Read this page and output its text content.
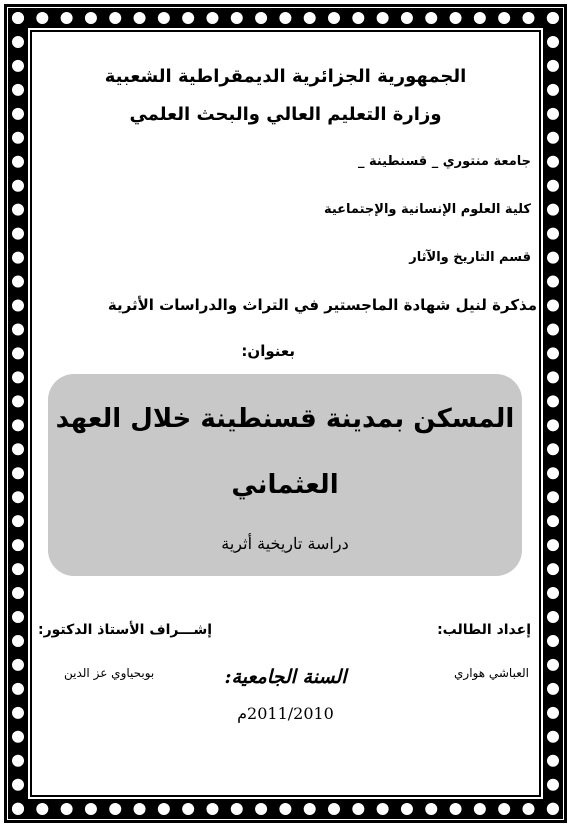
الجمهورية الجزائرية الديمقراطية الشعبية
وزارة التعليم العالي والبحث العلمي
جامعة منتوري _ قسنطينة _
كلية العلوم الإنسانية والإجتماعية
قسم التاريخ والآثار
مذكرة لنيل شهادة الماجستير في التراث والدراسات الأثرية
بعنوان:
المسكن بمدينة قسنطينة خلال العهد
العثماني
دراسة تاريخية أثرية
إعداد الطالب:
إشـــراف الأستاذ الدكتور:
العباشي هواري
بوبحياوي عز الدين	السنة الجامعية:
2011/2010م
